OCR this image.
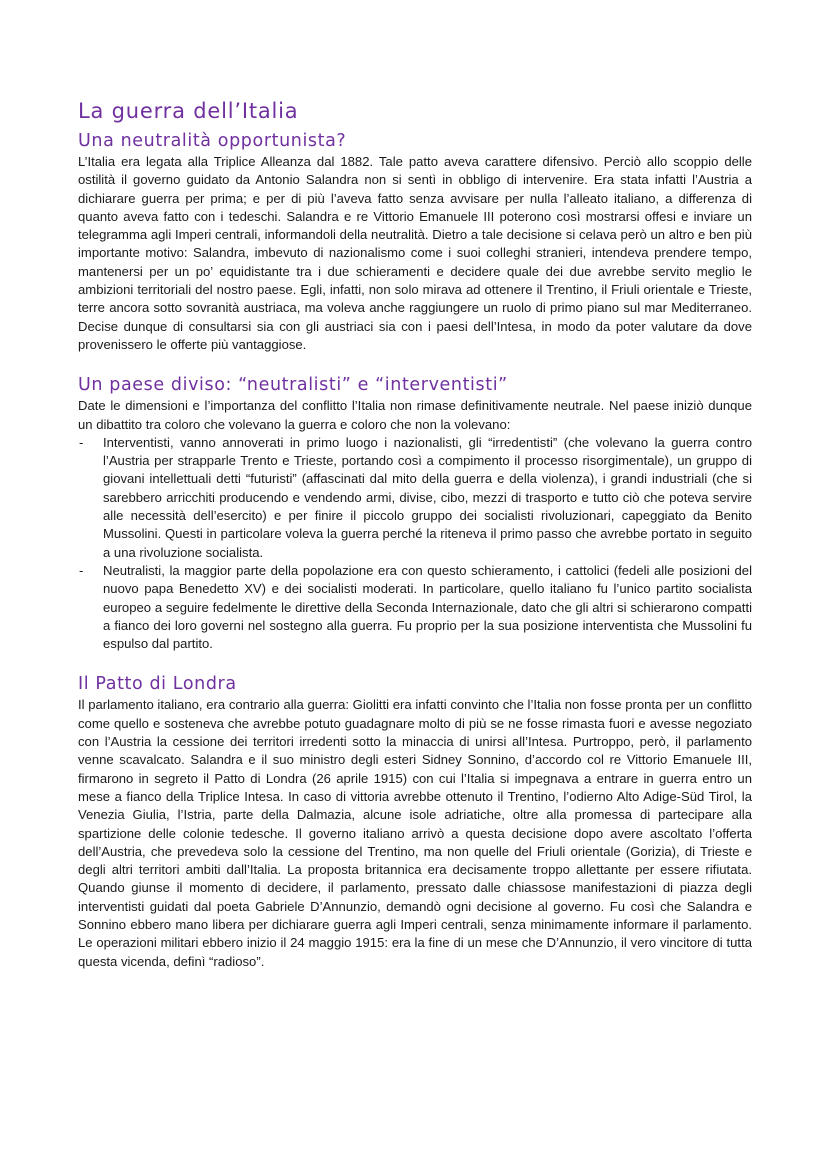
La guerra dell’Italia
Una neutralità opportunista?

L’Italia era legata alla Triplice Alleanza dal 1882. Tale patto aveva carattere difensivo. Perciò allo scoppio delle ostilità il governo guidato da Antonio Salandra non si sentì in obbligo di intervenire. Era stata infatti l’Austria a dichiarare guerra per prima; e per di più l’aveva fatto senza avvisare per nulla l’alleato italiano, a differenza di quanto aveva fatto con i tedeschi. Salandra e re Vittorio Emanuele III poterono così mostrarsi offesi e inviare un telegramma agli Imperi centrali, informandoli della neutralità. Dietro a tale decisione si celava però un altro e ben più importante motivo: Salandra, imbevuto di nazionalismo come i suoi colleghi stranieri, intendeva prendere tempo, mantenersi per un po’ equidistante tra i due schieramenti e decidere quale dei due avrebbe servito meglio le ambizioni territoriali del nostro paese. Egli, infatti, non solo mirava ad ottenere il Trentino, il Friuli orientale e Trieste, terre ancora sotto sovranità austriaca, ma voleva anche raggiungere un ruolo di primo piano sul mar Mediterraneo. Decise dunque di consultarsi sia con gli austriaci sia con i paesi dell’Intesa, in modo da poter valutare da dove provenissero le offerte più vantaggiose.

Un paese diviso: “neutralisti” e “interventisti”

Date le dimensioni e l’importanza del conflitto l’Italia non rimase definitivamente neutrale. Nel paese iniziò dunque un dibattito tra coloro che volevano la guerra e coloro che non la volevano:

- Interventisti, vanno annoverati in primo luogo i nazionalisti, gli “irredentisti” (che volevano la guerra contro l’Austria per strapparle Trento e Trieste, portando così a compimento il processo risorgimentale), un gruppo di giovani intellettuali detti “futuristi” (affascinati dal mito della guerra e della violenza), i grandi industriali (che si sarebbero arricchiti producendo e vendendo armi, divise, cibo, mezzi di trasporto e tutto ciò che poteva servire alle necessità dell’esercito) e per finire il piccolo gruppo dei socialisti rivoluzionari, capeggiato da Benito Mussolini. Questi in particolare voleva la guerra perché la riteneva il primo passo che avrebbe portato in seguito a una rivoluzione socialista.
- Neutralisti, la maggior parte della popolazione era con questo schieramento, i cattolici (fedeli alle posizioni del nuovo papa Benedetto XV) e dei socialisti moderati. In particolare, quello italiano fu l’unico partito socialista europeo a seguire fedelmente le direttive della Seconda Internazionale, dato che gli altri si schierarono compatti a fianco dei loro governi nel sostegno alla guerra. Fu proprio per la sua posizione interventista che Mussolini fu espulso dal partito.
Il Patto di Londra

Il parlamento italiano, era contrario alla guerra: Giolitti era infatti convinto che l’Italia non fosse pronta per un conflitto come quello e sosteneva che avrebbe potuto guadagnare molto di più se ne fosse rimasta fuori e avesse negoziato con l’Austria la cessione dei territori irredenti sotto la minaccia di unirsi all’Intesa. Purtroppo, però, il parlamento venne scavalcato. Salandra e il suo ministro degli esteri Sidney Sonnino, d’accordo col re Vittorio Emanuele III, firmarono in segreto il Patto di Londra (26 aprile 1915) con cui l’Italia si impegnava a entrare in guerra entro un mese a fianco della Triplice Intesa. In caso di vittoria avrebbe ottenuto il Trentino, l’odierno Alto Adige-Süd Tirol, la Venezia Giulia, l’Istria, parte della Dalmazia, alcune isole adriatiche, oltre alla promessa di partecipare alla spartizione delle colonie tedesche. Il governo italiano arrivò a questa decisione dopo avere ascoltato l’offerta dell’Austria, che prevedeva solo la cessione del Trentino, ma non quelle del Friuli orientale (Gorizia), di Trieste e degli altri territori ambiti dall’Italia. La proposta britannica era decisamente troppo allettante per essere rifiutata. Quando giunse il momento di decidere, il parlamento, pressato dalle chiassose manifestazioni di piazza degli interventisti guidati dal poeta Gabriele D’Annunzio, demandò ogni decisione al governo. Fu così che Salandra e Sonnino ebbero mano libera per dichiarare guerra agli Imperi centrali, senza minimamente informare il parlamento. Le operazioni militari ebbero inizio il 24 maggio 1915: era la fine di un mese che D’Annunzio, il vero vincitore di tutta questa vicenda, definì “radioso”.
